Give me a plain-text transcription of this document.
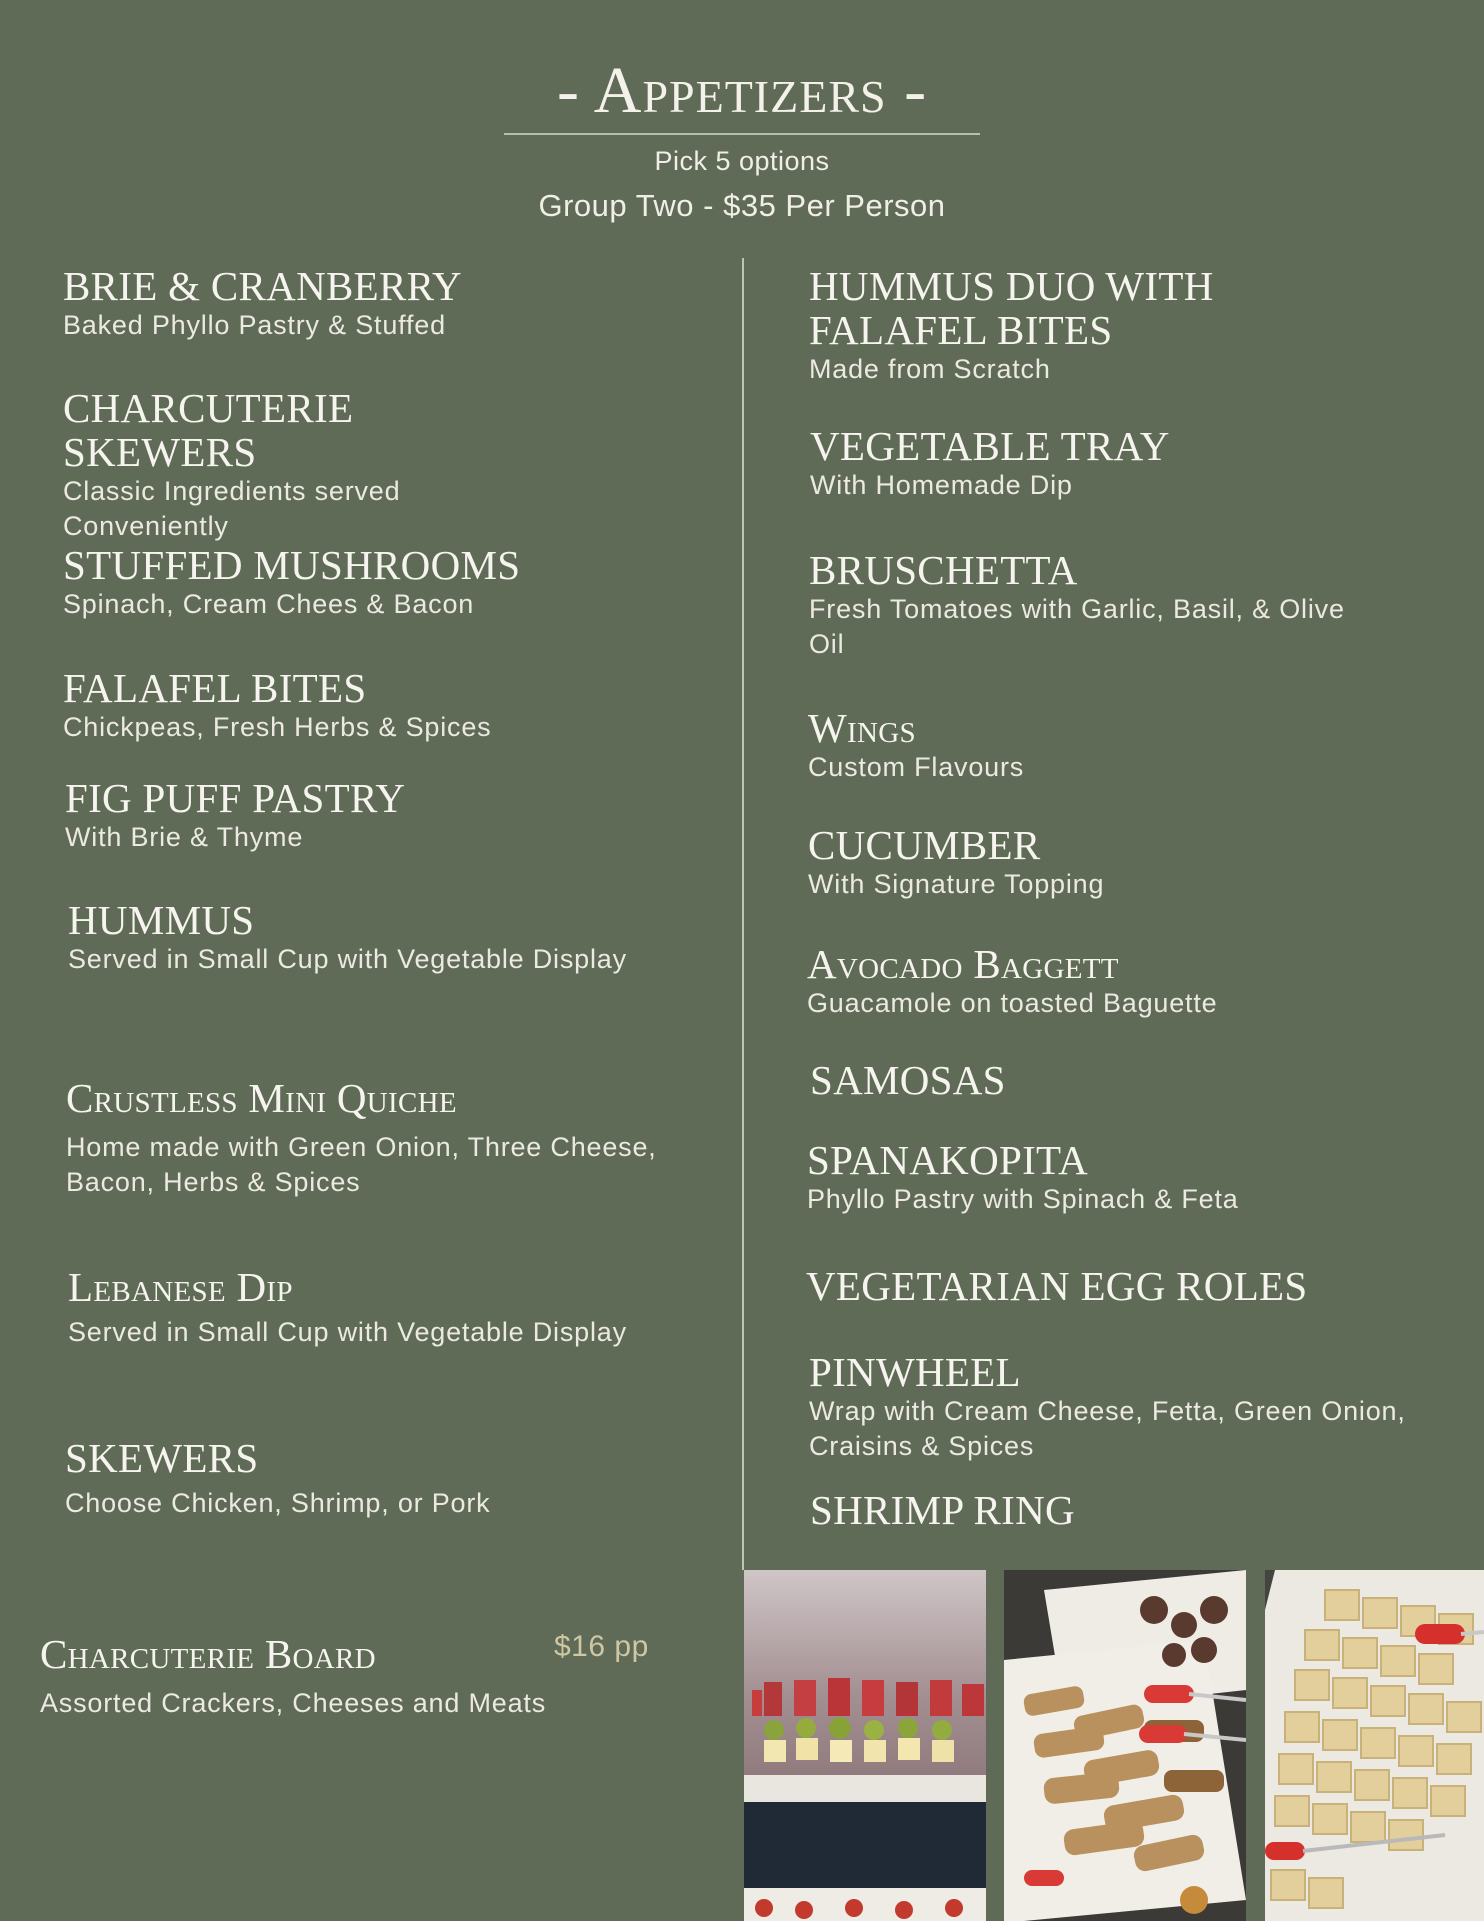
- Appetizers -
Pick 5 options
Group Two - $35 Per Person
BRIE & CRANBERRY
Baked Phyllo Pastry & Stuffed
CHARCUTERIE SKEWERS
Classic Ingredients served Conveniently
STUFFED MUSHROOMS
Spinach, Cream Chees & Bacon
FALAFEL BITES
Chickpeas, Fresh Herbs & Spices
FIG PUFF PASTRY
With Brie & Thyme
HUMMUS
Served in Small Cup with Vegetable Display
Crustless Mini Quiche
Home made with Green Onion, Three Cheese, Bacon, Herbs & Spices
Lebanese Dip
Served in Small Cup with Vegetable Display
SKEWERS
Choose Chicken, Shrimp, or Pork
Charcuterie Board
Assorted Crackers, Cheeses and Meats
$16 pp
HUMMUS DUO WITH FALAFEL BITES
Made from Scratch
VEGETABLE TRAY
With Homemade Dip
BRUSCHETTA
Fresh Tomatoes with Garlic, Basil, & Olive Oil
Wings
Custom Flavours
CUCUMBER
With Signature Topping
Avocado Baggett
Guacamole on toasted Baguette
SAMOSAS
SPANAKOPITA
Phyllo Pastry with Spinach & Feta
VEGETARIAN EGG ROLES
PINWHEEL
Wrap with Cream Cheese, Fetta, Green Onion, Craisins & Spices
SHRIMP RING
